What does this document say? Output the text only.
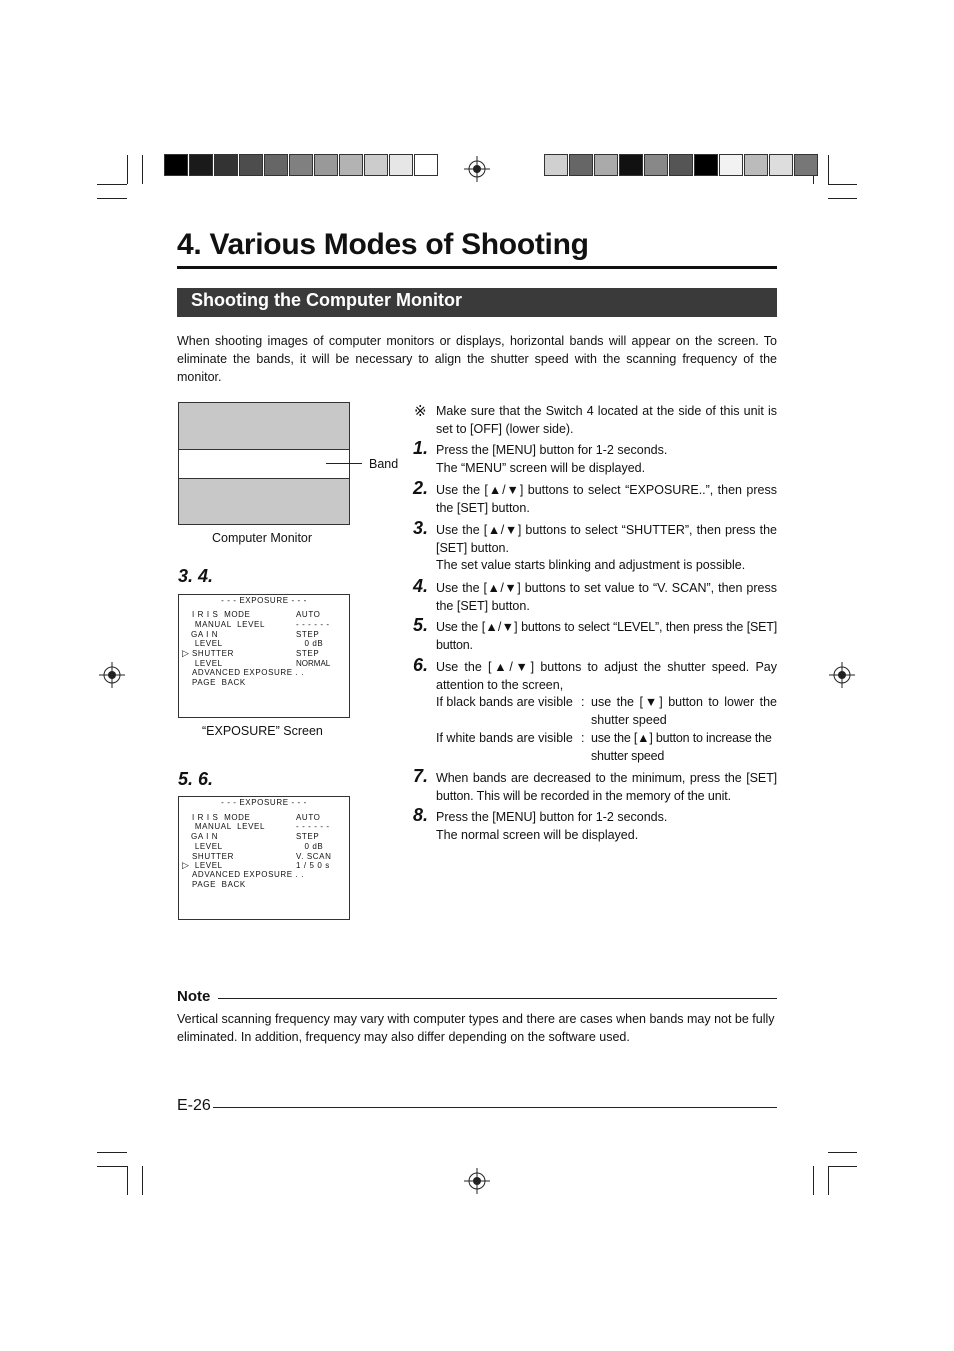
4. Various Modes of Shooting
Shooting the Computer Monitor
When shooting images of computer monitors or displays, horizontal bands will appear on the screen. To eliminate the bands, it will be necessary to align the shutter speed with the scanning frequency of the monitor.
Band
Computer Monitor
3. 4.
- - - EXPOSURE - - -
I R I S  MODE	AUTO
MANUAL  LEVEL	- - - - - -
GA I N	STEP
LEVEL	0 dB
▷ SHUTTER	STEP
LEVEL	NORMAL
ADVANCED EXPOSURE . .
PAGE  BACK
“EXPOSURE” Screen
5. 6.
- - - EXPOSURE - - -
I R I S  MODE	AUTO
MANUAL  LEVEL	- - - - - -
GA I N	STEP
LEVEL	0 dB
SHUTTER	V. SCAN
▷ LEVEL	1 / 5 0 s
ADVANCED EXPOSURE . .
PAGE  BACK
※ Make sure that the Switch 4 located at the side of this unit is set to [OFF] (lower side).
1. Press the [MENU] button for 1-2 seconds.
The “MENU” screen will be displayed.
2. Use the [▲/▼] buttons to select “EXPOSURE..”, then press the [SET] button.
3. Use the [▲/▼] buttons to select “SHUTTER”, then press the [SET] button.
The set value starts blinking and adjustment is possible.
4. Use the [▲/▼] buttons to set value to “V. SCAN”, then press the [SET] button.
5. Use the [▲/▼] buttons to select “LEVEL”, then press the [SET] button.
6. Use the [▲/▼] buttons to adjust the shutter speed. Pay attention to the screen,
If black bands are visible : use the [▼] button to lower the shutter speed
If white bands are visible : use the [▲] button to increase the shutter speed
7. When bands are decreased to the minimum, press the [SET] button. This will be recorded in the memory of the unit.
8. Press the [MENU] button for 1-2 seconds.
The normal screen will be displayed.
Note
Vertical scanning frequency may vary with computer types and there are cases when bands may not be fully eliminated. In addition, frequency may also differ depending on the software used.
E-26
